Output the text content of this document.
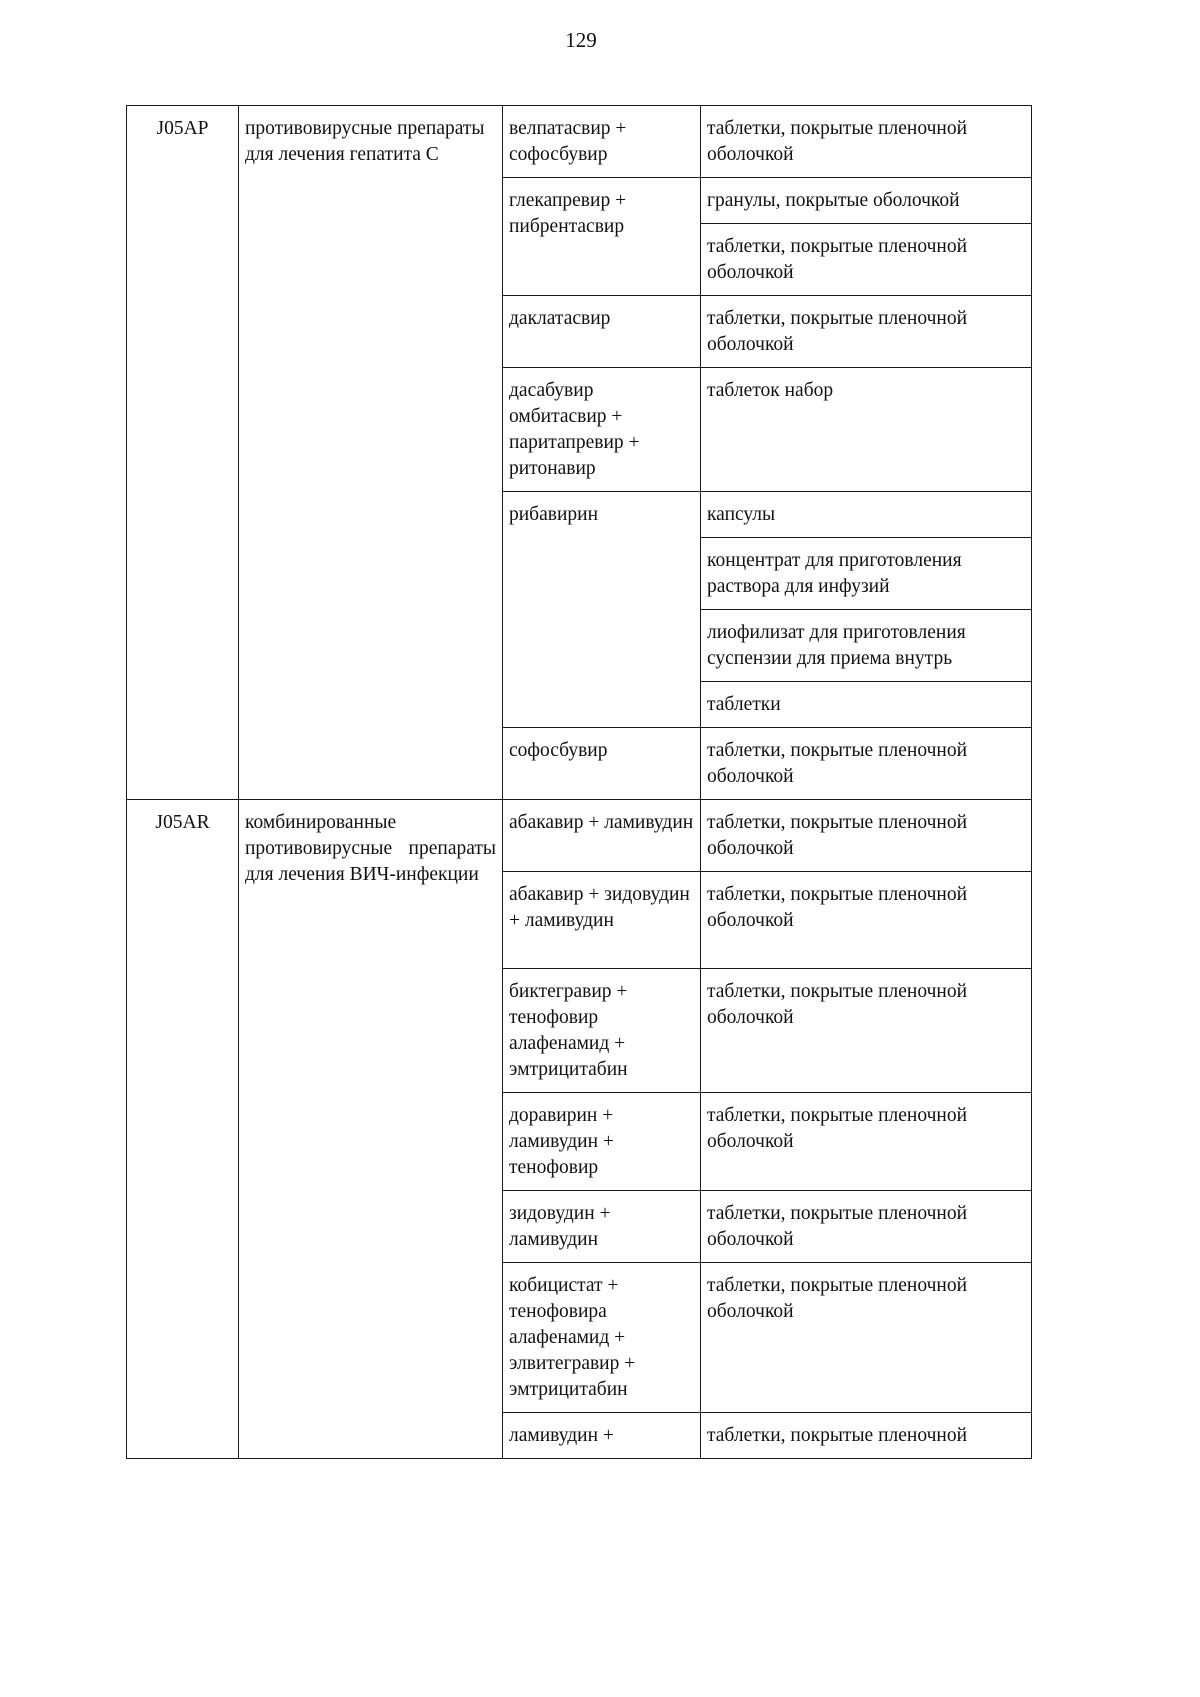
129
J05AP	противовирусные препараты для лечения гепатита C	велпатасвир + софосбувир	таблетки, покрытые пленочной оболочкой

		глекапревир + пибрентасвир	гранулы, покрытые оболочкой

			таблетки, покрытые пленочной оболочкой

		даклатасвир	таблетки, покрытые пленочной оболочкой

		дасабувир омбитасвир + паритапревир + ритонавир	таблеток набор

		рибавирин	капсулы

			концентрат для приготовления раствора для инфузий

			лиофилизат для приготовления суспензии для приема внутрь

			таблетки

		софосбувир	таблетки, покрытые пленочной оболочкой

J05AR	комбинированные противовирусные препараты для лечения ВИЧ-инфекции	абакавир + ламивудин	таблетки, покрытые пленочной оболочкой

		абакавир + зидовудин + ламивудин	таблетки, покрытые пленочной оболочкой

		биктегравир + тенофовир алафенамид + эмтрицитабин	таблетки, покрытые пленочной оболочкой

		доравирин + ламивудин + тенофовир	таблетки, покрытые пленочной оболочкой

		зидовудин + ламивудин	таблетки, покрытые пленочной оболочкой

		кобицистат + тенофовира алафенамид + элвитегравир + эмтрицитабин	таблетки, покрытые пленочной оболочкой

		ламивудин +	таблетки, покрытые пленочной
